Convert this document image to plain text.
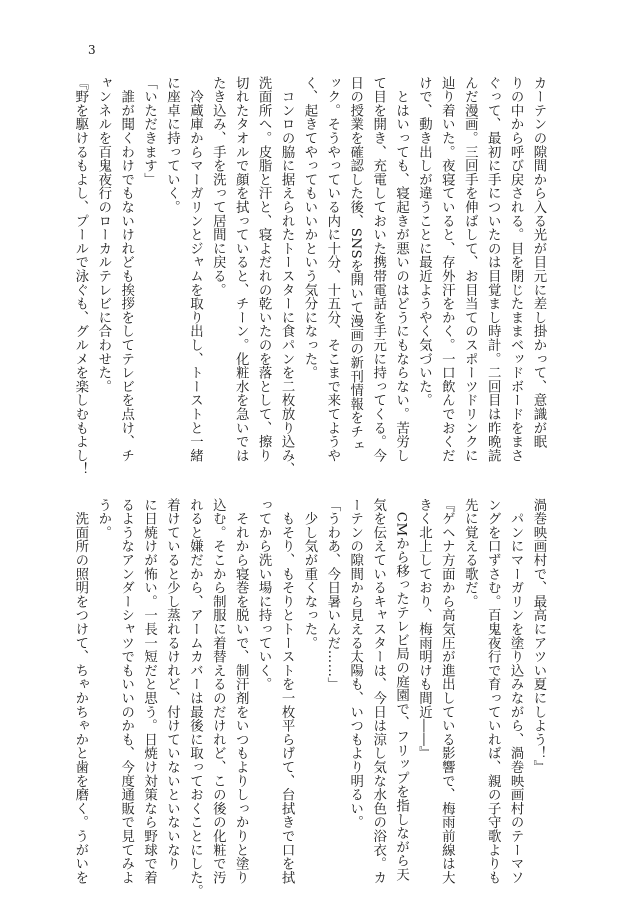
3
カーテンの隙間から入る光が目元に差し掛かって、意識が眠
りの中から呼び戻される。目を閉じたままベッドボードをまさ
ぐって、最初に手についたのは目覚まし時計。二回目は昨晩読
んだ漫画。三回手を伸ばして、お目当てのスポーツドリンクに
辿り着いた。夜寝ていると、存外汗をかく。一口飲んでおくだ
けで、動き出しが違うことに最近ようやく気づいた。
　とはいっても、寝起きが悪いのはどうにもならない。苦労し
て目を開き、充電しておいた携帯電話を手元に持ってくる。今
日の授業を確認した後、SNSを開いて漫画の新刊情報をチェ
ック。そうやっている内に十分、十五分、そこまで来てようや
く、起きてやってもいいかという気分になった。
　コンロの脇に据えられたトースターに食パンを二枚放り込み、
洗面所へ。皮脂と汗と、寝よだれの乾いたのを落として、擦り
切れたタオルで顔を拭っていると、チーン。化粧水を急いでは
たき込み、手を洗って居間に戻る。
　冷蔵庫からマーガリンとジャムを取り出し、トーストと一緒
に座卓に持っていく。
「いただきます」
　誰が聞くわけでもないけれども挨拶をしてテレビを点け、チ
ャンネルを百鬼夜行のローカルテレビに合わせた。
『野を駆けるもよし、プールで泳ぐも、グルメを楽しむもよし！
渦巻映画村で、最高にアツい夏にしよう！』
　パンにマーガリンを塗り込みながら、渦巻映画村のテーマソ
ングを口ずさむ。百鬼夜行で育っていれば、親の子守歌よりも
先に覚える歌だ。
『ゲヘナ方面から高気圧が進出している影響で、梅雨前線は大
きく北上しており、梅雨明けも間近――』
　CMから移ったテレビ局の庭園で、フリップを指しながら天
気を伝えているキャスターは、今日は涼し気な水色の浴衣。カ
ーテンの隙間から見える太陽も、いつもより明るい。
「うわあ、今日暑いんだ……」
　少し気が重くなった。
　もそり、もそりとトーストを一枚平らげて、台拭きで口を拭
ってから洗い場に持っていく。
　それから寝巻を脱いで、制汗剤をいつもよりしっかりと塗り
込む。そこから制服に着替えるのだけれど、この後の化粧で汚
れると嫌だから、アームカバーは最後に取っておくことにした。
着けていると少し蒸れるけれど、付けていないといないなり
に日焼けが怖い。一長一短だと思う。日焼け対策なら野球で着
るようなアンダーシャツでもいいのかも、今度通販で見てみよ
うか。
　洗面所の照明をつけて、ちゃかちゃかと歯を磨く。うがいを
